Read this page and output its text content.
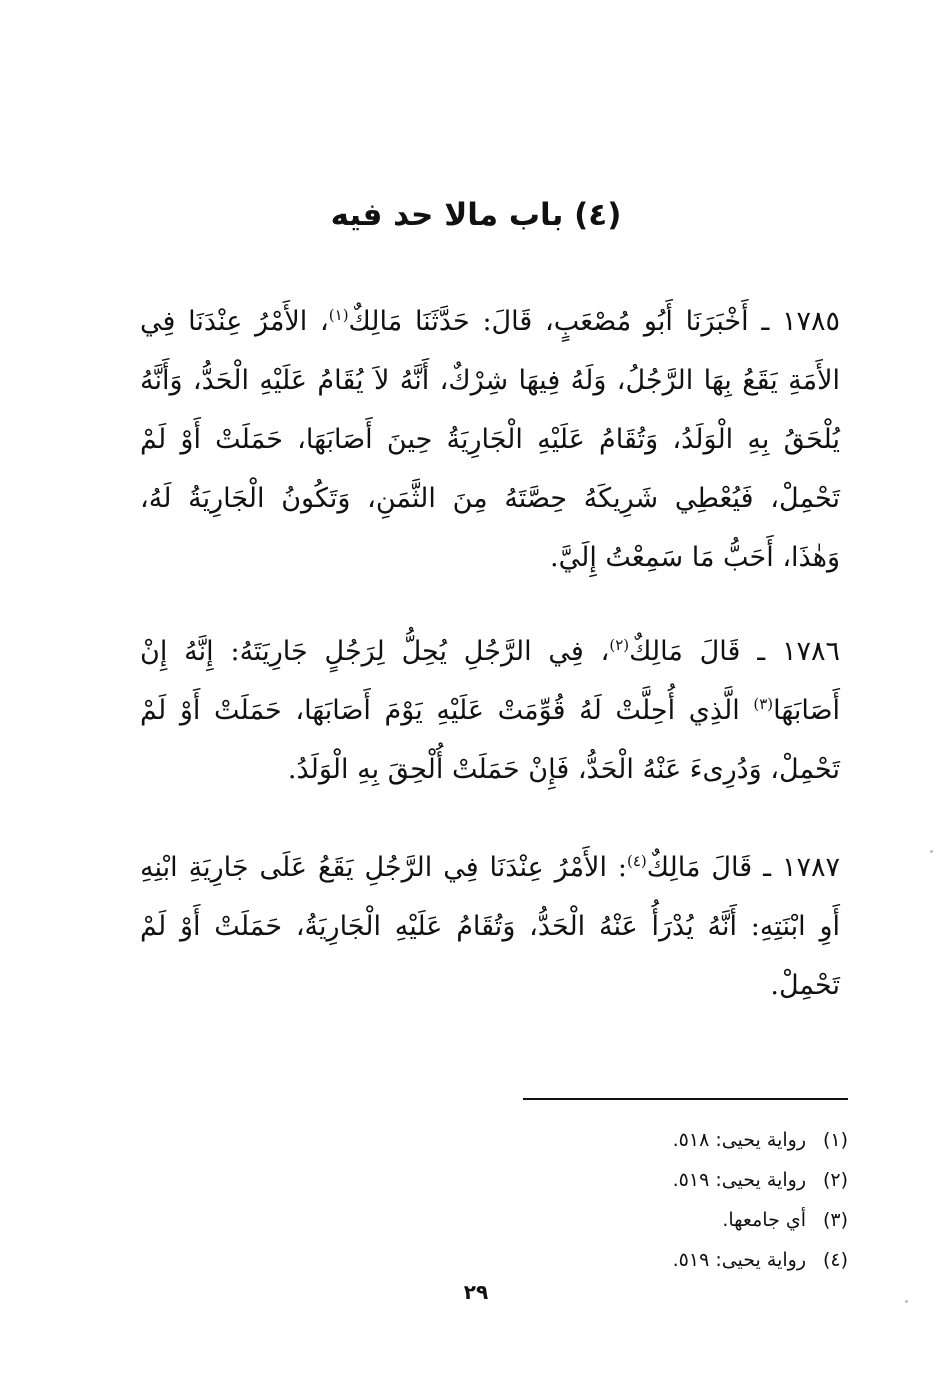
(٤) باب مالا حد فيه
١٧٨٥ ـ أَخْبَرَنَا أَبُو مُصْعَبٍ، قَالَ: حَدَّثَنَا مَالِكٌ$^{(١)}$، الأَمْرُ عِنْدَنَا فِي الأَمَةِ يَقَعُ بِهَا الرَّجُلُ، وَلَهُ فِيهَا شِرْكٌ، أَنَّهُ لاَ يُقَامُ عَلَيْهِ الْحَدُّ، وَأَنَّهُ يُلْحَقُ بِهِ الْوَلَدُ، وَتُقَامُ عَلَيْهِ الْجَارِيَةُ حِينَ أَصَابَهَا، حَمَلَتْ أَوْ لَمْ تَحْمِلْ، فَيُعْطِي شَرِيكَهُ حِصَّتَهُ مِنَ الثَّمَنِ، وَتَكُونُ الْجَارِيَةُ لَهُ، وَهٰذَا، أَحَبُّ مَا سَمِعْتُ إِلَيَّ.
١٧٨٦ ـ قَالَ مَالِكٌ$^{(٢)}$، فِي الرَّجُلِ يُحِلُّ لِرَجُلٍ جَارِيَتَهُ: إِنَّهُ إِنْ أَصَابَهَا$^{(٣)}$ الَّذِي أُحِلَّتْ لَهُ قُوِّمَتْ عَلَيْهِ يَوْمَ أَصَابَهَا، حَمَلَتْ أَوْ لَمْ تَحْمِلْ، وَدُرِىءَ عَنْهُ الْحَدُّ، فَإِنْ حَمَلَتْ أُلْحِقَ بِهِ الْوَلَدُ.
١٧٨٧ ـ قَالَ مَالِكٌ$^{(٤)}$: الأَمْرُ عِنْدَنَا فِي الرَّجُلِ يَقَعُ عَلَى جَارِيَةِ ابْنِهِ أَوِ ابْنَتِهِ: أَنَّهُ يُدْرَأُ عَنْهُ الْحَدُّ، وَتُقَامُ عَلَيْهِ الْجَارِيَةُ، حَمَلَتْ أَوْ لَمْ تَحْمِلْ.
(١)رواية يحيى: ٥١٨.
(٢)رواية يحيى: ٥١٩.
(٣)أي جامعها.
(٤)رواية يحيى: ٥١٩.
٢٩
